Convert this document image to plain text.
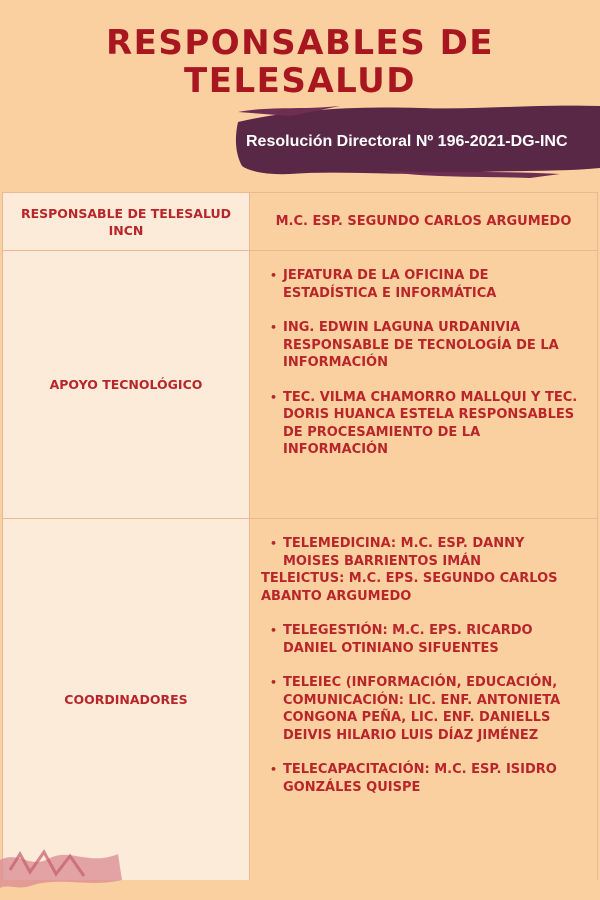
RESPONSABLES DE
TELESALUD
Resolución Directoral Nº 196-2021-DG-INC
RESPONSABLE DE TELESALUD INCN
M.C. ESP. SEGUNDO CARLOS ARGUMEDO
APOYO TECNOLÓGICO
• JEFATURA DE LA OFICINA DE ESTADÍSTICA E INFORMÁTICA
• ING. EDWIN LAGUNA URDANIVIA RESPONSABLE DE TECNOLOGÍA DE LA INFORMACIÓN
• TEC. VILMA CHAMORRO MALLQUI Y TEC. DORIS HUANCA ESTELA RESPONSABLES DE PROCESAMIENTO DE LA INFORMACIÓN
COORDINADORES
• TELEMEDICINA: M.C. ESP. DANNY MOISES BARRIENTOS IMÁN
TELEICTUS: M.C. EPS. SEGUNDO CARLOS ABANTO ARGUMEDO
• TELEGESTIÓN: M.C. EPS. RICARDO DANIEL OTINIANO SIFUENTES
• TELEIEC (INFORMACIÓN, EDUCACIÓN, COMUNICACIÓN: LIC. ENF. ANTONIETA CONGONA PEÑA, LIC. ENF. DANIELLS DEIVIS HILARIO LUIS DÍAZ JIMÉNEZ
• TELECAPACITACIÓN: M.C. ESP. ISIDRO GONZÁLES QUISPE
